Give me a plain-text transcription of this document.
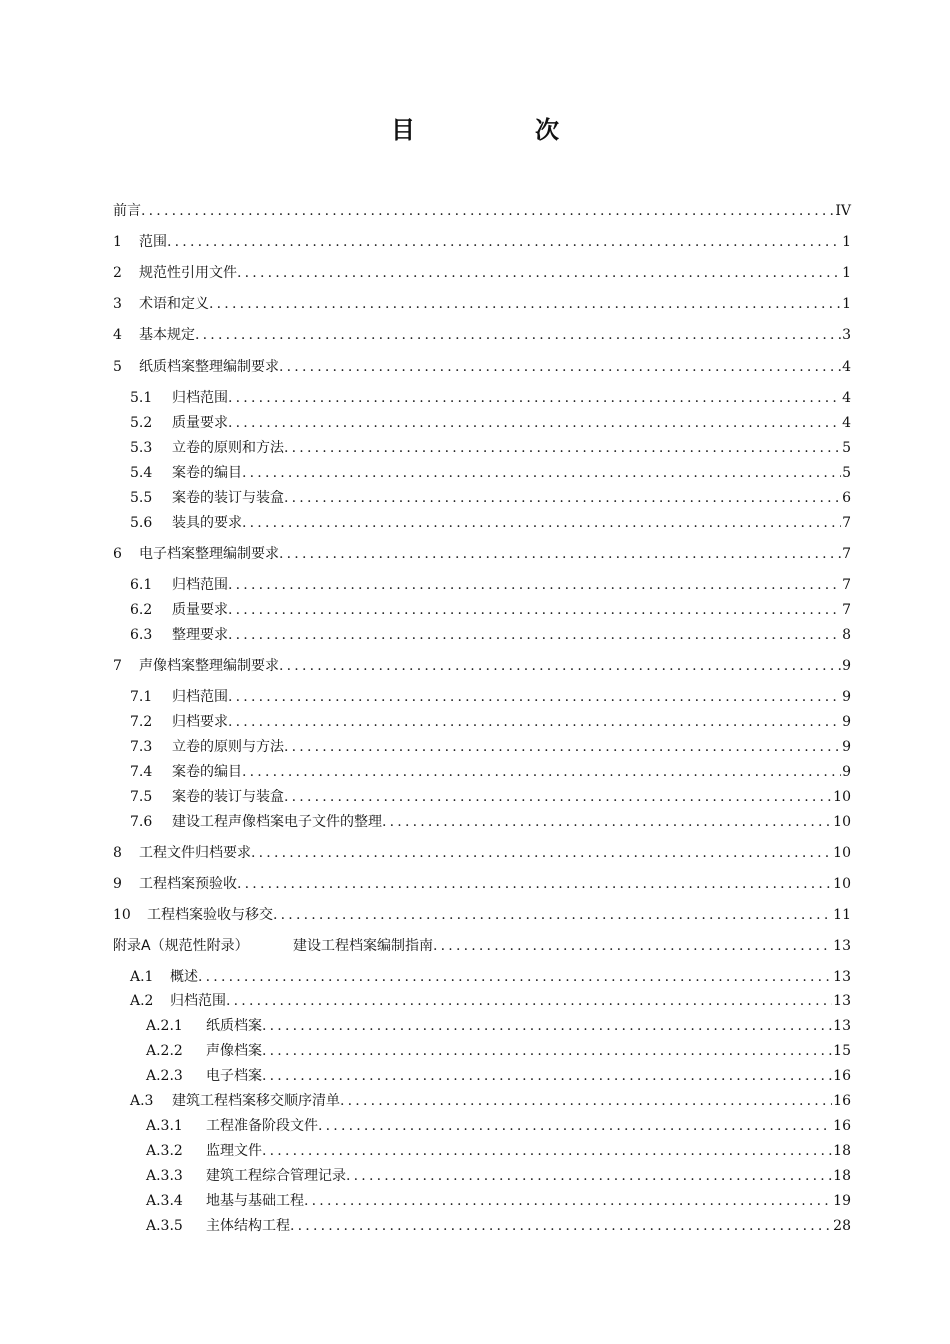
目　次
前言 .....	IV
1	范围 .....	1
2	规范性引用文件 .....	1
3	术语和定义 .....	1
4	基本规定 .....	3
5	纸质档案整理编制要求 .....	4
5.1	归档范围 .....	4
5.2	质量要求 .....	4
5.3	立卷的原则和方法 .....	5
5.4	案卷的编目 .....	5
5.5	案卷的装订与装盒 .....	6
5.6	装具的要求 .....	7
6	电子档案整理编制要求 .....	7
6.1	归档范围 .....	7
6.2	质量要求 .....	7
6.3	整理要求 .....	8
7	声像档案整理编制要求 .....	9
7.1	归档范围 .....	9
7.2	归档要求 .....	9
7.3	立卷的原则与方法 .....	9
7.4	案卷的编目 .....	9
7.5	案卷的装订与装盒 .....	10
7.6	建设工程声像档案电子文件的整理 .....	10
8	工程文件归档要求 .....	10
9	工程档案预验收 .....	10
10	工程档案验收与移交 .....	11
附录A（规范性附录）	建设工程档案编制指南 .....	13
A.1	概述 .....	13
A.2	归档范围 .....	13
A.2.1	纸质档案 .....	13
A.2.2	声像档案 .....	15
A.2.3	电子档案 .....	16
A.3	建筑工程档案移交顺序清单 .....	16
A.3.1	工程准备阶段文件 .....	16
A.3.2	监理文件 .....	18
A.3.3	建筑工程综合管理记录 .....	18
A.3.4	地基与基础工程 .....	19
A.3.5	主体结构工程 .....	28
